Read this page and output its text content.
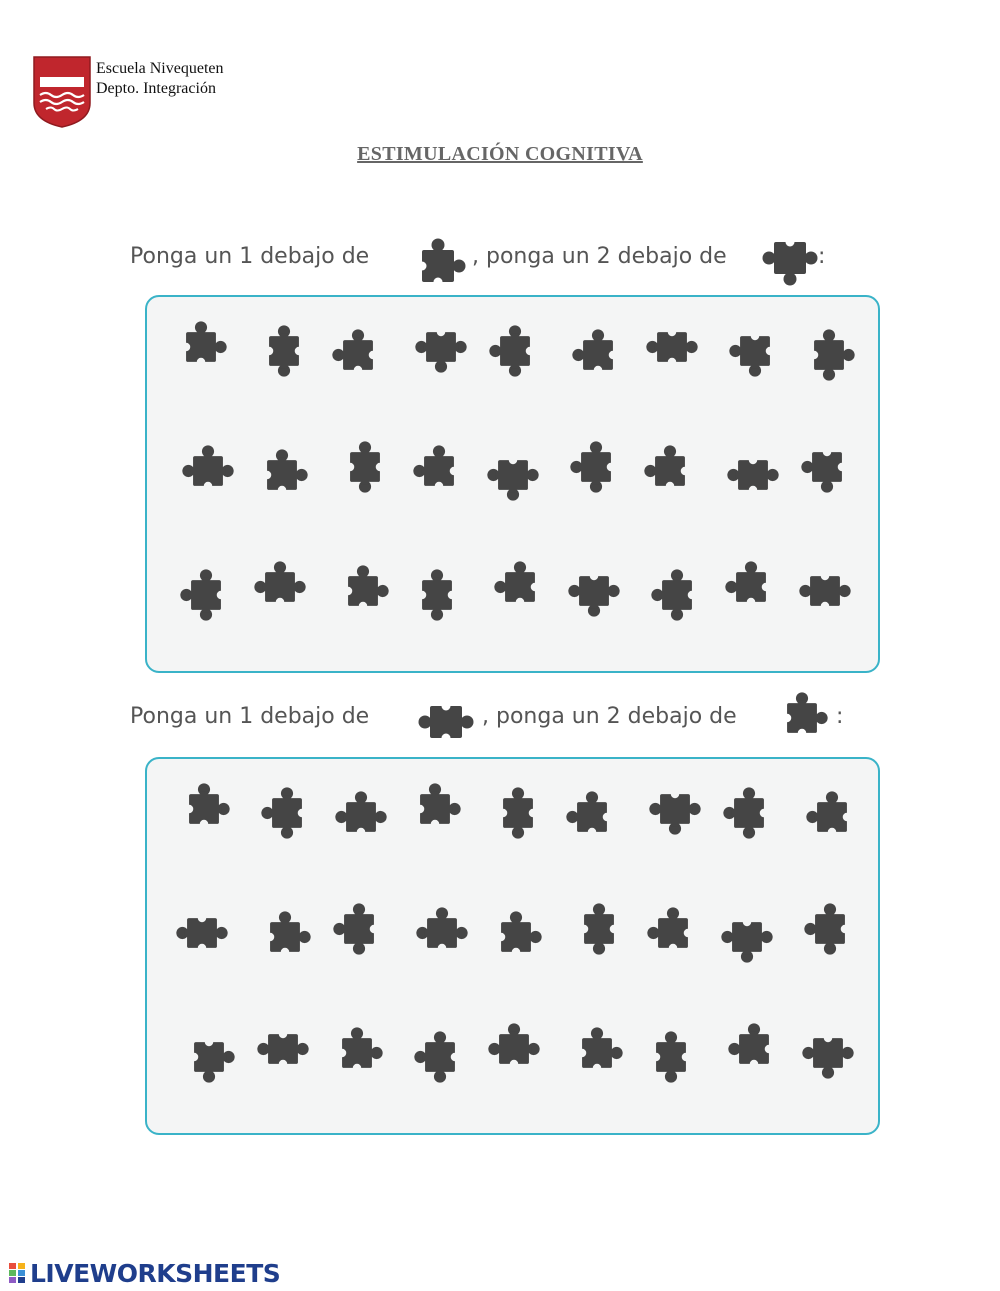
Escuela Nivequeten
Depto. Integración
ESTIMULACIÓN COGNITIVA
Ponga un 1 debajo de	, ponga un 2 debajo de	:
Ponga un 1 debajo de	, ponga un 2 debajo de	:
LIVEWORKSHEETS
